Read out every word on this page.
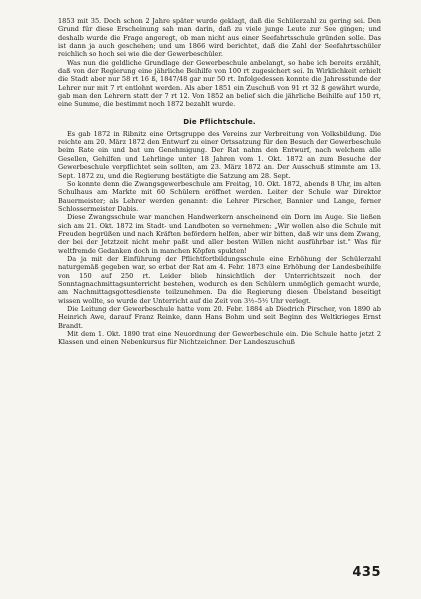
1853 mit 35. Doch schon 2 Jahre später wurde geklagt, daß die Schülerzahl zu gering sei. Den Grund für diese Erscheinung sah man darin, daß zu viele junge Leute zur See gingen; und deshalb wurde die Frage angeregt, ob man nicht aus einer Seefahrtsschule gründen solle. Das ist dann ja auch geschehen; und um 1866 wird berichtet, daß die Zahl der Seefahrtsschüler reichlich so hoch sei wie die der Gewerbeschüler.

Was nun die geldliche Grundlage der Gewerbeschule anbelangt, so habe ich bereits erzählt, daß von der Regierung eine jährliche Beihilfe von 100 rt zugesichert sei. In Wirklichkeit erhielt die Stadt aber nur 58 rt 16 ß, 1847/48 gar nur 50 rt. Infolgedessen konnte die Jahresstunde der Lehrer nur mit 7 rt entlohnt werden. Als aber 1851 ein Zuschuß von 91 rt 32 ß gewährt wurde, gab man den Lehrern statt der 7 rt 12. Von 1852 an belief sich die jährliche Beihilfe auf 150 rt, eine Summe, die bestimmt noch 1872 bezahlt wurde.

Die Pflichtschule.

Es gab 1872 in Ribnitz eine Ortsgruppe des Vereins zur Verbreitung von Volksbildung. Die reichte am 20. März 1872 den Entwurf zu einer Ortssatzung für den Besuch der Gewerbeschule beim Rate ein und bat um Genehmigung. Der Rat nahm den Entwurf, nach welchem alle Gesellen, Gehilfen und Lehrlinge unter 18 Jahren vom 1. Okt. 1872 an zum Besuche der Gewerbeschule verpflichtet sein sollten, am 23. März 1872 an. Der Ausschuß stimmte am 13. Sept. 1872 zu, und die Regierung bestätigte die Satzung am 28. Sept.

So konnte denn die Zwangsgewerbeschule am Freitag, 10. Okt. 1872, abends 8 Uhr, im alten Schulhaus am Markte mit 60 Schülern eröffnet werden. Leiter der Schule war Direktor Bauermeister; als Lehrer werden genannt: die Lehrer Pirscher, Bannier und Lange, ferner Schlossermeister Dabis.

Diese Zwangsschule war manchen Handwerkern anscheinend ein Dorn im Auge. Sie ließen sich am 21. Okt. 1872 im Stadt- und Landboten so vernehmen: „Wir wollen also die Schule mit Freuden begrüßen und nach Kräften befördern helfen, aber wir bitten, daß wir uns dem Zwang, der bei der Jetztzeit nicht mehr paßt und aller besten Willen nicht ausführbar ist." Was für weltfremde Gedanken doch in manchen Köpfen spukten!

Da ja mit der Einführung der Pflichtfortbildungsschule eine Erhöhung der Schülerzahl naturgemäß gegeben war, so erbat der Rat am 4. Febr. 1873 eine Erhöhung der Landesbeihilfe von 150 auf 250 rt. Leider blieb hinsichtlich der Unterrichtszeit noch der Sonntagnachmittagsunterricht bestehen, wodurch es den Schülern unmöglich gemacht wurde, am Nachmittagsgottesdienste teilzunehmen. Da die Regierung diesen Übelstand beseitigt wissen wollte, so wurde der Unterricht auf die Zeit von 3½–5½ Uhr verlegt.

Die Leitung der Gewerbeschule hatte vom 20. Febr. 1884 ab Diedrich Pirscher, von 1890 ab Heinrich Awe, darauf Franz Reinke, dann Hans Bohm und seit Beginn des Weltkrieges Ernst Brandt.

Mit dem 1. Okt. 1890 trat eine Neuordnung der Gewerbeschule ein. Die Schule hatte jetzt 2 Klassen und einen Nebenkursus für Nichtzeichner. Der Landeszuschuß

435
